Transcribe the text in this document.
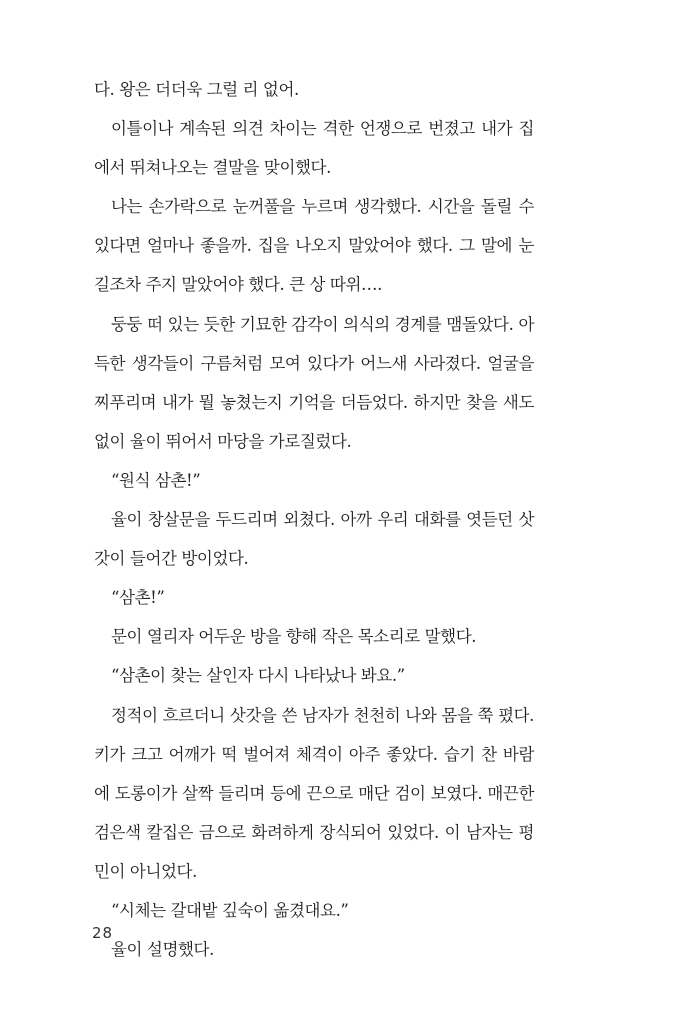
다. 왕은 더더욱 그럴 리 없어.
이틀이나 계속된 의견 차이는 격한 언쟁으로 번졌고 내가 집
에서 뛰쳐나오는 결말을 맞이했다.
나는 손가락으로 눈꺼풀을 누르며 생각했다. 시간을 돌릴 수
있다면 얼마나 좋을까. 집을 나오지 말았어야 했다. 그 말에 눈
길조차 주지 말았어야 했다. 큰 상 따위….
둥둥 떠 있는 듯한 기묘한 감각이 의식의 경계를 맴돌았다. 아
득한 생각들이 구름처럼 모여 있다가 어느새 사라졌다. 얼굴을
찌푸리며 내가 뭘 놓쳤는지 기억을 더듬었다. 하지만 찾을 새도
없이 율이 뛰어서 마당을 가로질렀다.
“원식 삼촌!”
율이 창살문을 두드리며 외쳤다. 아까 우리 대화를 엿듣던 삿
갓이 들어간 방이었다.
“삼촌!”
문이 열리자 어두운 방을 향해 작은 목소리로 말했다.
“삼촌이 찾는 살인자 다시 나타났나 봐요.”
정적이 흐르더니 삿갓을 쓴 남자가 천천히 나와 몸을 쭉 폈다.
키가 크고 어깨가 떡 벌어져 체격이 아주 좋았다. 습기 찬 바람
에 도롱이가 살짝 들리며 등에 끈으로 매단 검이 보였다. 매끈한
검은색 칼집은 금으로 화려하게 장식되어 있었다. 이 남자는 평
민이 아니었다.
“시체는 갈대밭 깊숙이 옮겼대요.”
율이 설명했다.
28
